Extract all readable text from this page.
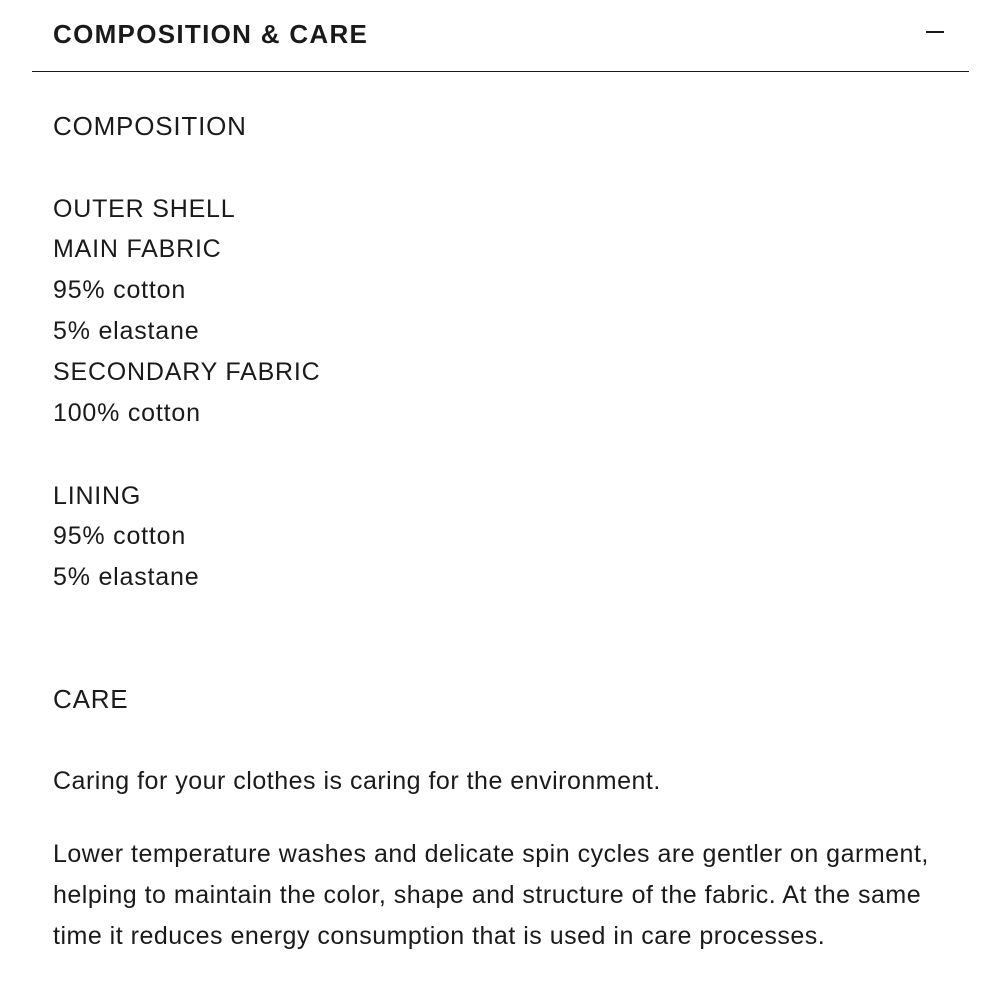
COMPOSITION & CARE
COMPOSITION
OUTER SHELL
MAIN FABRIC
95% cotton
5% elastane
SECONDARY FABRIC
100% cotton
LINING
95% cotton
5% elastane
CARE
Caring for your clothes is caring for the environment.
Lower temperature washes and delicate spin cycles are gentler on garment, helping to maintain the color, shape and structure of the fabric. At the same time it reduces energy consumption that is used in care processes.
